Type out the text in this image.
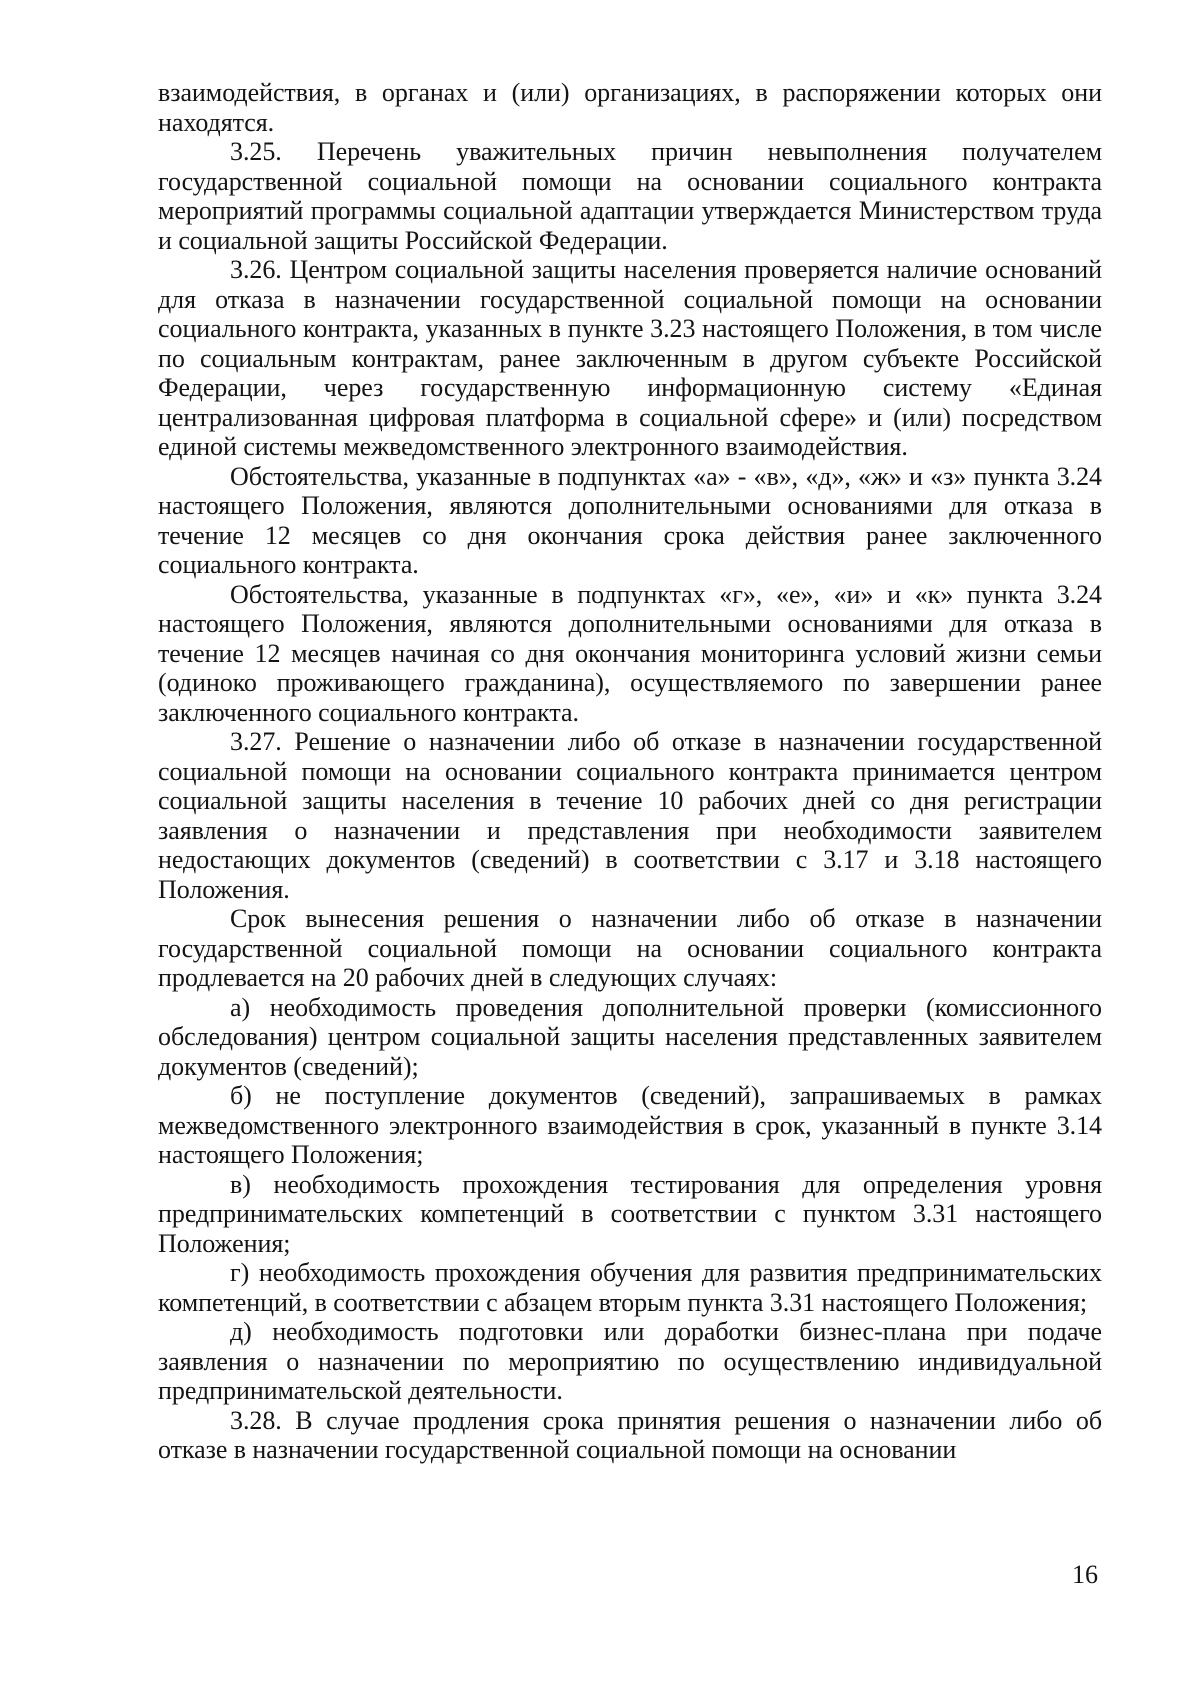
взаимодействия, в органах и (или) организациях, в распоряжении которых они находятся.

3.25. Перечень уважительных причин невыполнения получателем государственной социальной помощи на основании социального контракта мероприятий программы социальной адаптации утверждается Министерством труда и социальной защиты Российской Федерации.

3.26. Центром социальной защиты населения проверяется наличие оснований для отказа в назначении государственной социальной помощи на основании социального контракта, указанных в пункте 3.23 настоящего Положения, в том числе по социальным контрактам, ранее заключенным в другом субъекте Российской Федерации, через государственную информационную систему «Единая централизованная цифровая платформа в социальной сфере» и (или) посредством единой системы межведомственного электронного взаимодействия.

Обстоятельства, указанные в подпунктах «а» - «в», «д», «ж» и «з» пункта 3.24 настоящего Положения, являются дополнительными основаниями для отказа в течение 12 месяцев со дня окончания срока действия ранее заключенного социального контракта.

Обстоятельства, указанные в подпунктах «г», «е», «и» и «к» пункта 3.24 настоящего Положения, являются дополнительными основаниями для отказа в течение 12 месяцев начиная со дня окончания мониторинга условий жизни семьи (одиноко проживающего гражданина), осуществляемого по завершении ранее заключенного социального контракта.

3.27. Решение о назначении либо об отказе в назначении государственной социальной помощи на основании социального контракта принимается центром социальной защиты населения в течение 10 рабочих дней со дня регистрации заявления о назначении и представления при необходимости заявителем недостающих документов (сведений) в соответствии с 3.17 и 3.18 настоящего Положения.

Срок вынесения решения о назначении либо об отказе в назначении государственной социальной помощи на основании социального контракта продлевается на 20 рабочих дней в следующих случаях:

а) необходимость проведения дополнительной проверки (комиссионного обследования) центром социальной защиты населения представленных заявителем документов (сведений);

б) не поступление документов (сведений), запрашиваемых в рамках межведомственного электронного взаимодействия в срок, указанный в пункте 3.14 настоящего Положения;

в) необходимость прохождения тестирования для определения уровня предпринимательских компетенций в соответствии с пунктом 3.31 настоящего Положения;

г) необходимость прохождения обучения для развития предпринимательских компетенций, в соответствии с абзацем вторым пункта 3.31 настоящего Положения;

д) необходимость подготовки или доработки бизнес-плана при подаче заявления о назначении по мероприятию по осуществлению индивидуальной предпринимательской деятельности.

3.28. В случае продления срока принятия решения о назначении либо об отказе в назначении государственной социальной помощи на основании

16
